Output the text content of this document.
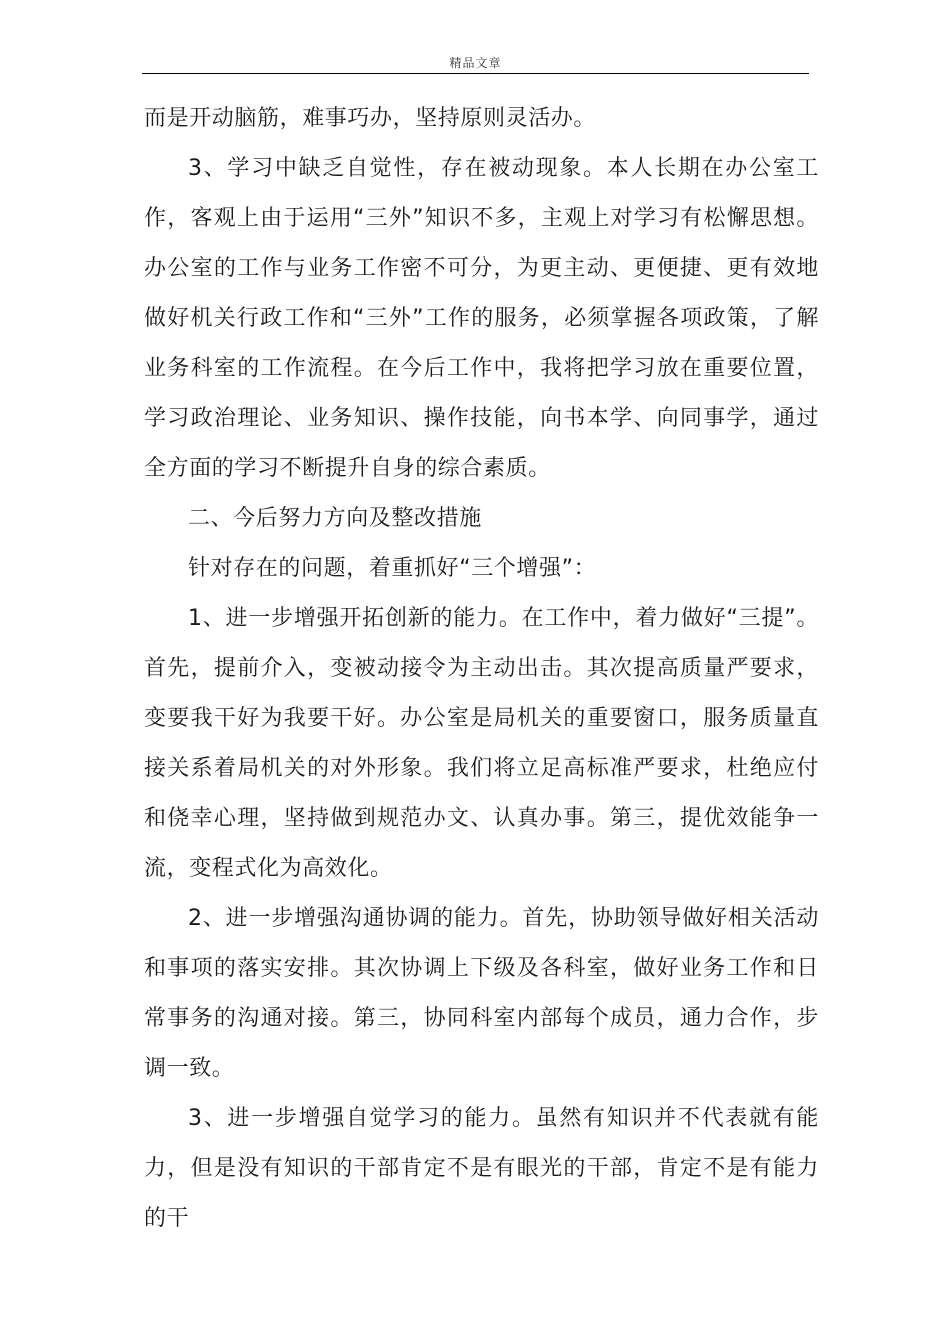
精品文章

而是开动脑筋，难事巧办，坚持原则灵活办。

3、学习中缺乏自觉性，存在被动现象。本人长期在办公室工作，客观上由于运用“三外”知识不多，主观上对学习有松懈思想。办公室的工作与业务工作密不可分，为更主动、更便捷、更有效地做好机关行政工作和“三外”工作的服务，必须掌握各项政策，了解业务科室的工作流程。在今后工作中，我将把学习放在重要位置，学习政治理论、业务知识、操作技能，向书本学、向同事学，通过全方面的学习不断提升自身的综合素质。

二、今后努力方向及整改措施

针对存在的问题，着重抓好“三个增强”：

1、进一步增强开拓创新的能力。在工作中，着力做好“三提”。首先，提前介入，变被动接令为主动出击。其次提高质量严要求，变要我干好为我要干好。办公室是局机关的重要窗口，服务质量直接关系着局机关的对外形象。我们将立足高标准严要求，杜绝应付和侥幸心理，坚持做到规范办文、认真办事。第三，提优效能争一流，变程式化为高效化。

2、进一步增强沟通协调的能力。首先，协助领导做好相关活动和事项的落实安排。其次协调上下级及各科室，做好业务工作和日常事务的沟通对接。第三，协同科室内部每个成员，通力合作，步调一致。

3、进一步增强自觉学习的能力。虽然有知识并不代表就有能力，但是没有知识的干部肯定不是有眼光的干部，肯定不是有能力的干
